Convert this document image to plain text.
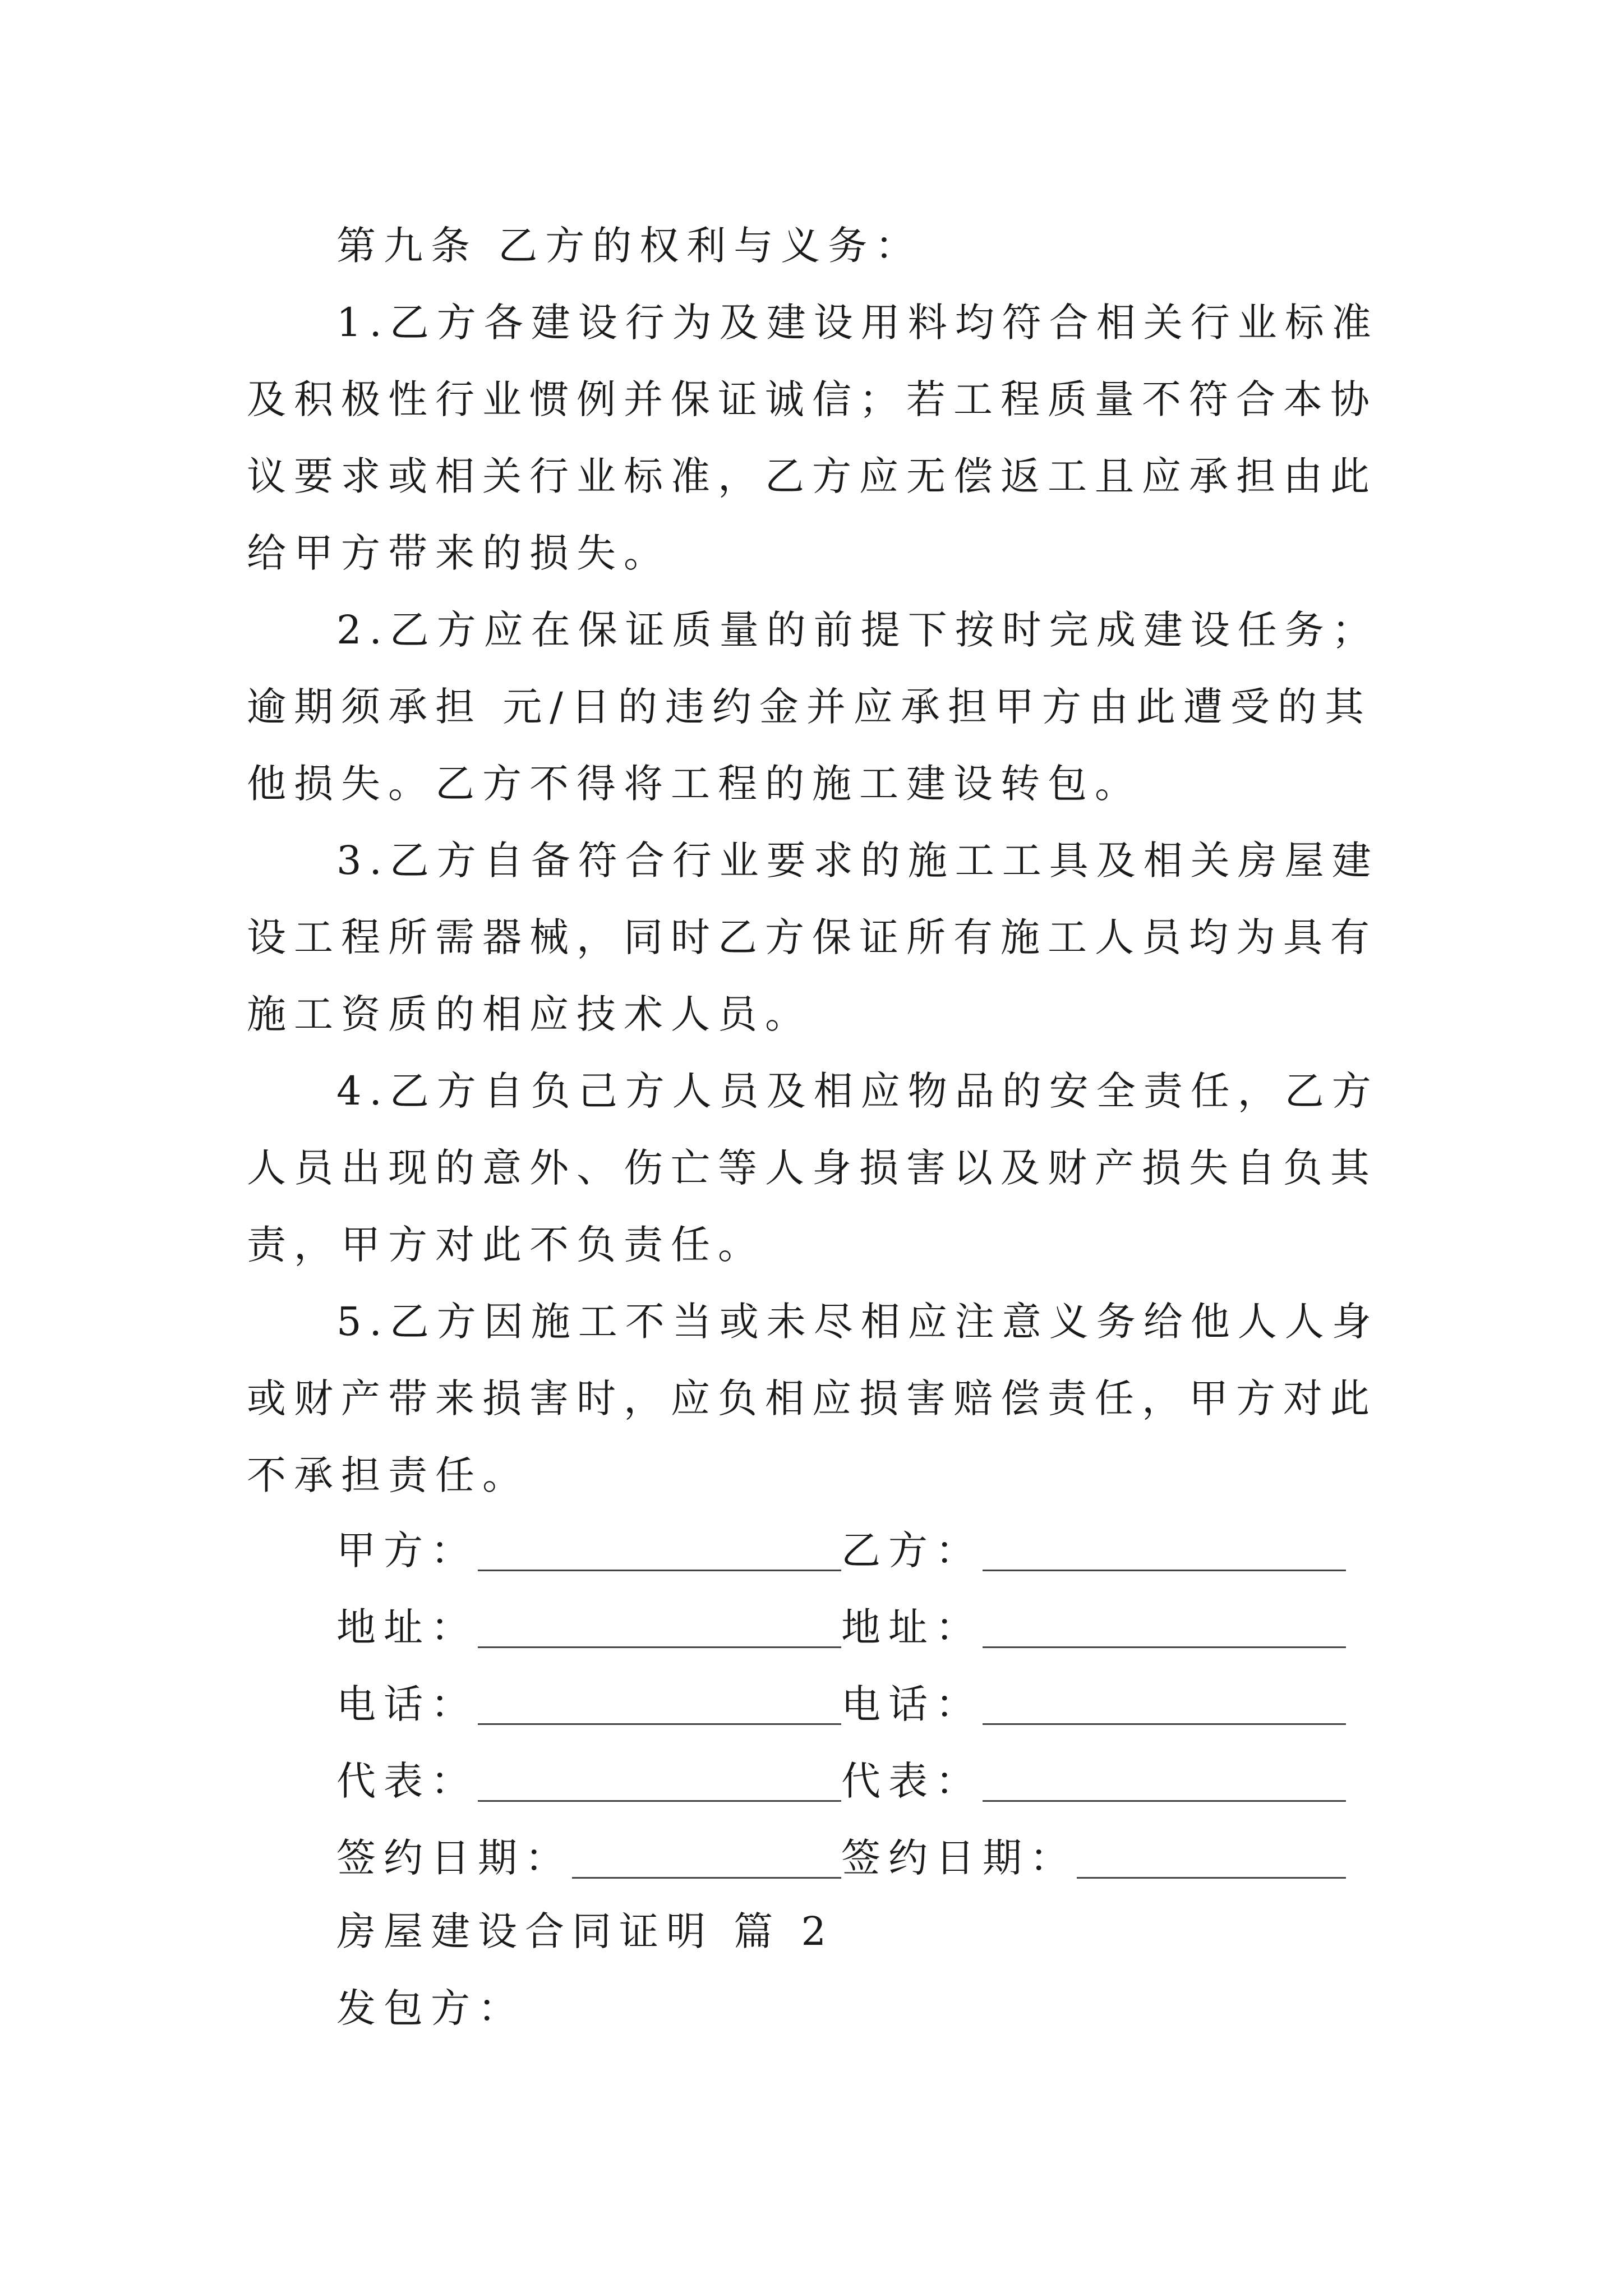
第九条 乙方的权利与义务：

1.乙方各建设行为及建设用料均符合相关行业标准及积极性行业惯例并保证诚信；若工程质量不符合本协议要求或相关行业标准，乙方应无偿返工且应承担由此给甲方带来的损失。

2.乙方应在保证质量的前提下按时完成建设任务；逾期须承担 元/日的违约金并应承担甲方由此遭受的其他损失。乙方不得将工程的施工建设转包。

3.乙方自备符合行业要求的施工工具及相关房屋建设工程所需器械，同时乙方保证所有施工人员均为具有施工资质的相应技术人员。

4.乙方自负己方人员及相应物品的安全责任，乙方人员出现的意外、伤亡等人身损害以及财产损失自负其责，甲方对此不负责任。

5.乙方因施工不当或未尽相应注意义务给他人人身或财产带来损害时，应负相应损害赔偿责任，甲方对此不承担责任。

甲方：	乙方：
地址：	地址：
电话：	电话：
代表：	代表：
签约日期：	签约日期：

房屋建设合同证明 篇 2

发包方：
